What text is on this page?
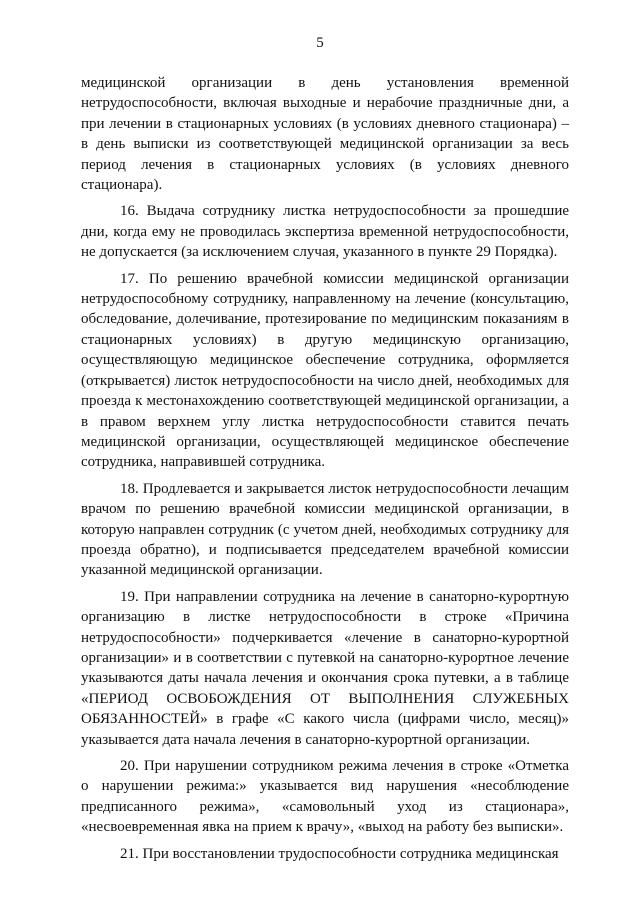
5

медицинской организации в день установления временной нетрудоспособности, включая выходные и нерабочие праздничные дни, а при лечении в стационарных условиях (в условиях дневного стационара) – в день выписки из соответствующей медицинской организации за весь период лечения в стационарных условиях (в условиях дневного стационара).

16. Выдача сотруднику листка нетрудоспособности за прошедшие дни, когда ему не проводилась экспертиза временной нетрудоспособности, не допускается (за исключением случая, указанного в пункте 29 Порядка).

17. По решению врачебной комиссии медицинской организации нетрудоспособному сотруднику, направленному на лечение (консультацию, обследование, долечивание, протезирование по медицинским показаниям в стационарных условиях) в другую медицинскую организацию, осуществляющую медицинское обеспечение сотрудника, оформляется (открывается) листок нетрудоспособности на число дней, необходимых для проезда к местонахождению соответствующей медицинской организации, а в правом верхнем углу листка нетрудоспособности ставится печать медицинской организации, осуществляющей медицинское обеспечение сотрудника, направившей сотрудника.

18. Продлевается и закрывается листок нетрудоспособности лечащим врачом по решению врачебной комиссии медицинской организации, в которую направлен сотрудник (с учетом дней, необходимых сотруднику для проезда обратно), и подписывается председателем врачебной комиссии указанной медицинской организации.

19. При направлении сотрудника на лечение в санаторно-курортную организацию в листке нетрудоспособности в строке «Причина нетрудоспособности» подчеркивается «лечение в санаторно-курортной организации» и в соответствии с путевкой на санаторно-курортное лечение указываются даты начала лечения и окончания срока путевки, а в таблице «ПЕРИОД ОСВОБОЖДЕНИЯ ОТ ВЫПОЛНЕНИЯ СЛУЖЕБНЫХ ОБЯЗАННОСТЕЙ» в графе «С какого числа (цифрами число, месяц)» указывается дата начала лечения в санаторно-курортной организации.

20. При нарушении сотрудником режима лечения в строке «Отметка о нарушении режима:» указывается вид нарушения «несоблюдение предписанного режима», «самовольный уход из стационара», «несвоевременная явка на прием к врачу», «выход на работу без выписки».

21. При восстановлении трудоспособности сотрудника медицинская
